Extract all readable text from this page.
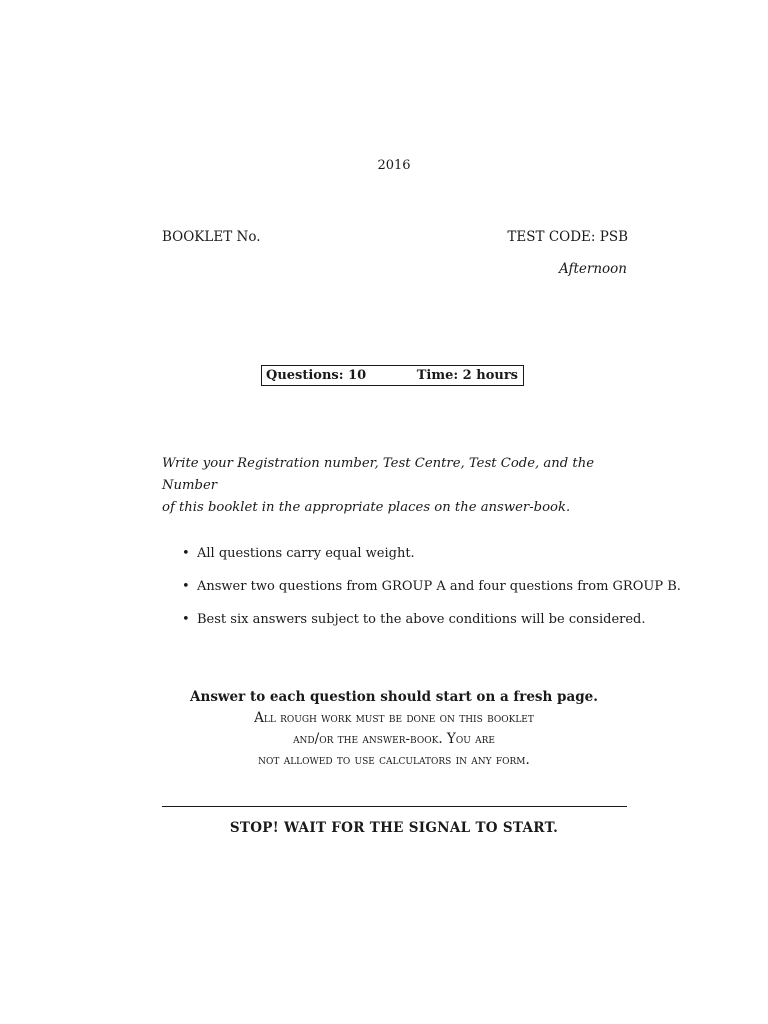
2016
BOOKLET No.	TEST CODE: PSB
Afternoon
Questions: 10	Time: 2 hours
Write your Registration number, Test Centre, Test Code, and the Number
of this booklet in the appropriate places on the answer-book.
• All questions carry equal weight.
• Answer two questions from GROUP A and four questions from GROUP B.
• Best six answers subject to the above conditions will be considered.
Answer to each question should start on a fresh page.
All rough work must be done on this booklet
and/or the answer-book. You are
not allowed to use calculators in any form.
STOP! WAIT FOR THE SIGNAL TO START.
